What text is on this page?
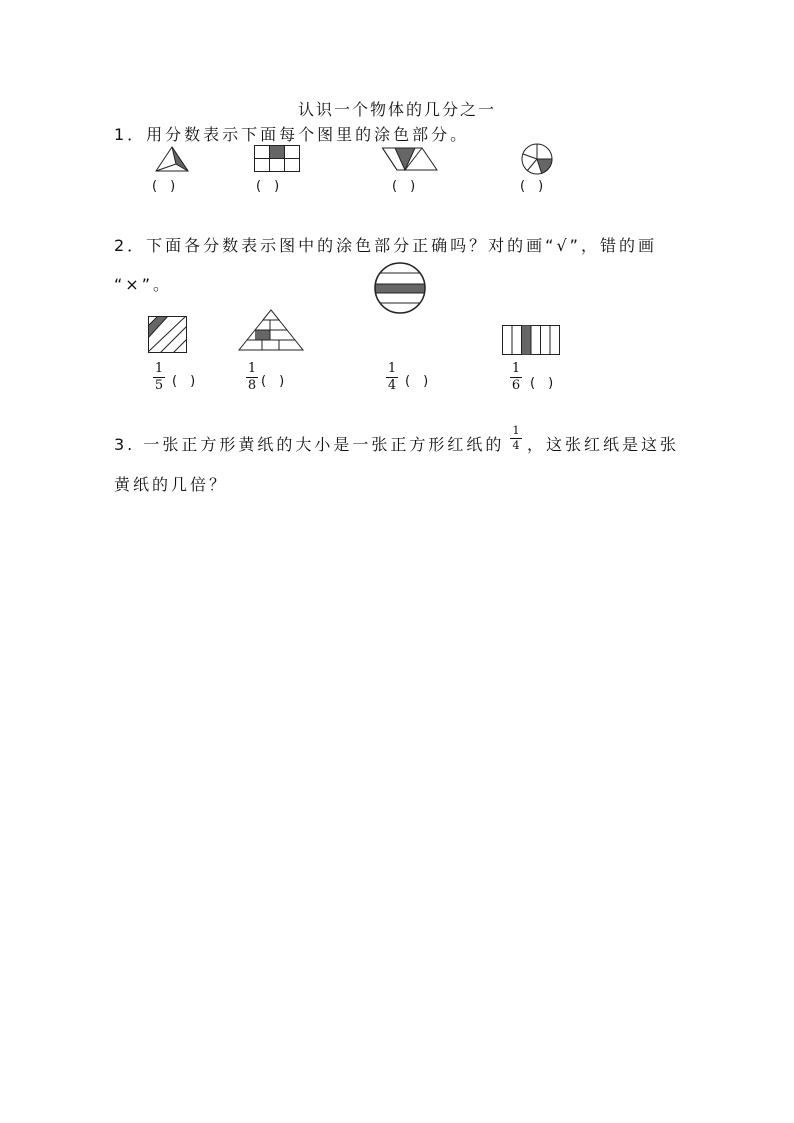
认识一个物体的几分之一
1．用分数表示下面每个图里的涂色部分。
(　)	(　)	(　)	(　)
2．下面各分数表示图中的涂色部分正确吗？对的画“√”，错的画
“×”。
1
5 (　)
1
8 (　)
1
4 (　)
1
6 (　)
3. 一张正方形黄纸的大小是一张正方形红纸的
1
4 ，这张红纸是这张
黄纸的几倍？
